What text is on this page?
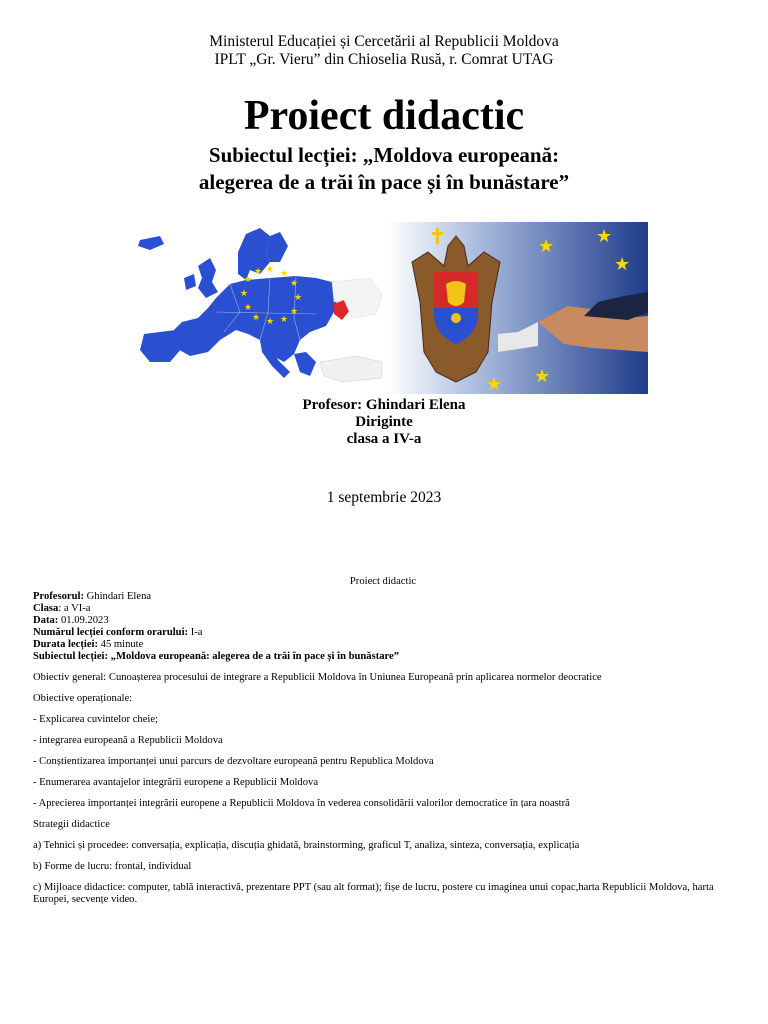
Ministerul Educației și Cercetării al Republicii Moldova
IPLT „Gr. Vieru” din Chioselia Rusă, r. Comrat UTAG
Proiect didactic
Subiectul lecției: „Moldova europeană:
alegerea de a trăi în pace și în bunăstare”
★ ★
★
★
★
★
★
★
★
★
★
★
★ ★
★
★
★
Profesor: Ghindari Elena
Diriginte
clasa a IV-a
1 septembrie 2023
Proiect didactic

Profesorul: Ghindari Elena

Clasa: a VI-a

Data: 01.09.2023

Numărul lecției conform orarului: I-a

Durata lecției: 45 minute

Subiectul lecției: „Moldova europeană: alegerea de a trăi în pace și în bunăstare”

Obiectiv general: Cunoașterea procesului de integrare a Republicii Moldova în Uniunea Europeană prin aplicarea normelor deocratice

Obiective operaționale:

- Explicarea cuvintelor cheie;

- integrarea europeană a Republicii Moldova

- Conștientizarea importanței unui parcurs de dezvoltare europeană pentru Republica Moldova

- Enumerarea avantajelor integrării europene a Republicii Moldova

- Aprecierea importanței integrării europene a Republicii Moldova în vederea consolidării valorilor democratice în țara noastră

Strategii didactice

a) Tehnici și procedee: conversația, explicația, discuția ghidată, brainstorming, graficul T, analiza, sinteza, conversația, explicația

b) Forme de lucru: frontal, individual

c) Mijloace didactice: computer, tablă interactivă, prezentare PPT (sau alt format); fișe de lucru, postere cu imaginea unui copac,harta Republicii Moldova, harta Europei, secvențe video.
